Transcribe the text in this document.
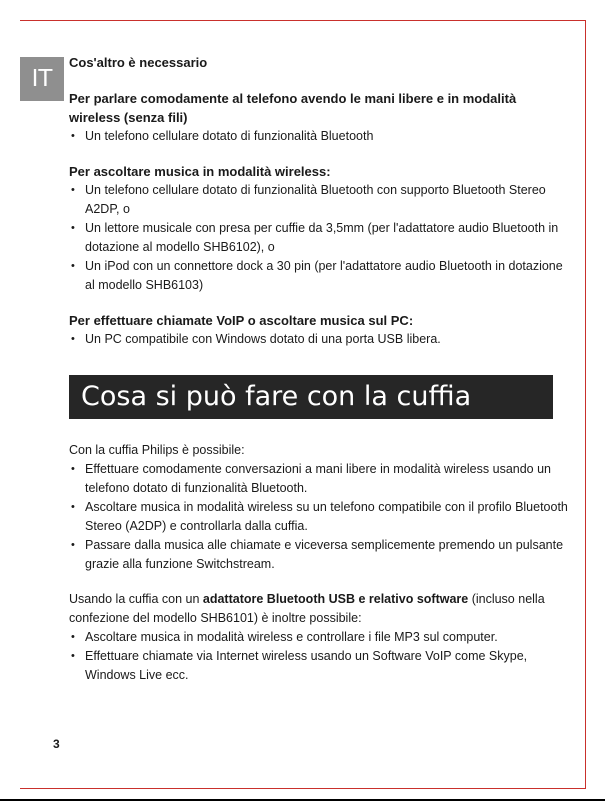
IT

Cos'altro è necessario

Per parlare comodamente al telefono avendo le mani libere e in modalità wireless (senza fili)

• Un telefono cellulare dotato di funzionalità Bluetooth

Per ascoltare musica in modalità wireless:

• Un telefono cellulare dotato di funzionalità Bluetooth con supporto Bluetooth Stereo A2DP, o
• Un lettore musicale con presa per cuffie da 3,5mm (per l'adattatore audio Bluetooth in dotazione al modello SHB6102), o
• Un iPod con un connettore dock a 30 pin (per l'adattatore audio Bluetooth in dotazione al modello SHB6103)

Per effettuare chiamate VoIP o ascoltare musica sul PC:

• Un PC compatibile con Windows dotato di una porta USB libera.
Cosa si può fare con la cuffia

Con la cuffia Philips è possibile:

• Effettuare comodamente conversazioni a mani libere in modalità wireless usando un telefono dotato di funzionalità Bluetooth.
• Ascoltare musica in modalità wireless su un telefono compatibile con il profilo Bluetooth Stereo (A2DP) e controllarla dalla cuffia.
• Passare dalla musica alle chiamate e viceversa semplicemente premendo un pulsante grazie alla funzione Switchstream.

Usando la cuffia con un adattatore Bluetooth USB e relativo software (incluso nella confezione del modello SHB6101) è inoltre possibile:

• Ascoltare musica in modalità wireless e controllare i file MP3 sul computer.
• Effettuare chiamate via Internet wireless usando un Software VoIP come Skype, Windows Live ecc.
3
